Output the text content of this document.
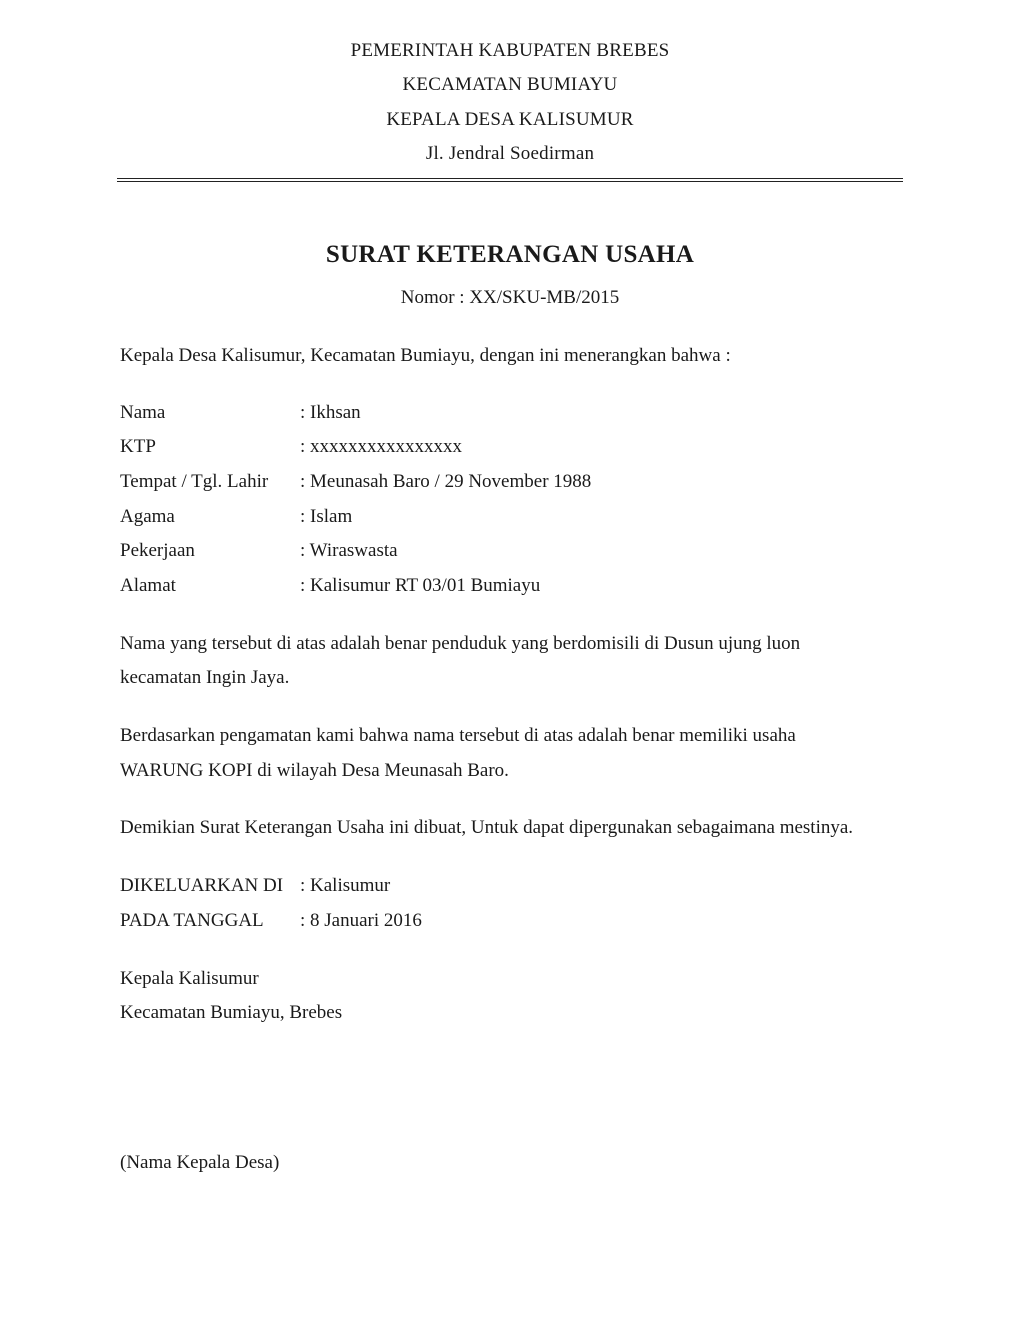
PEMERINTAH KABUPATEN BREBES
KECAMATAN BUMIAYU
KEPALA DESA KALISUMUR
Jl. Jendral Soedirman
SURAT KETERANGAN USAHA
Nomor : XX/SKU-MB/2015
Kepala Desa Kalisumur, Kecamatan Bumiayu, dengan ini menerangkan bahwa :
Nama	: Ikhsan
KTP	: xxxxxxxxxxxxxxxx
Tempat / Tgl. Lahir : Meunasah Baro / 29 November 1988
Agama	: Islam
Pekerjaan	: Wiraswasta
Alamat	: Kalisumur RT 03/01 Bumiayu
Nama yang tersebut di atas adalah benar penduduk yang berdomisili di Dusun ujung luon
kecamatan Ingin Jaya.
Berdasarkan pengamatan kami bahwa nama tersebut di atas adalah benar memiliki usaha
WARUNG KOPI di wilayah Desa Meunasah Baro.
Demikian Surat Keterangan Usaha ini dibuat, Untuk dapat dipergunakan sebagaimana mestinya.
DIKELUARKAN DI : Kalisumur
PADA TANGGAL : 8 Januari 2016
Kepala Kalisumur
Kecamatan Bumiayu, Brebes
(Nama Kepala Desa)
